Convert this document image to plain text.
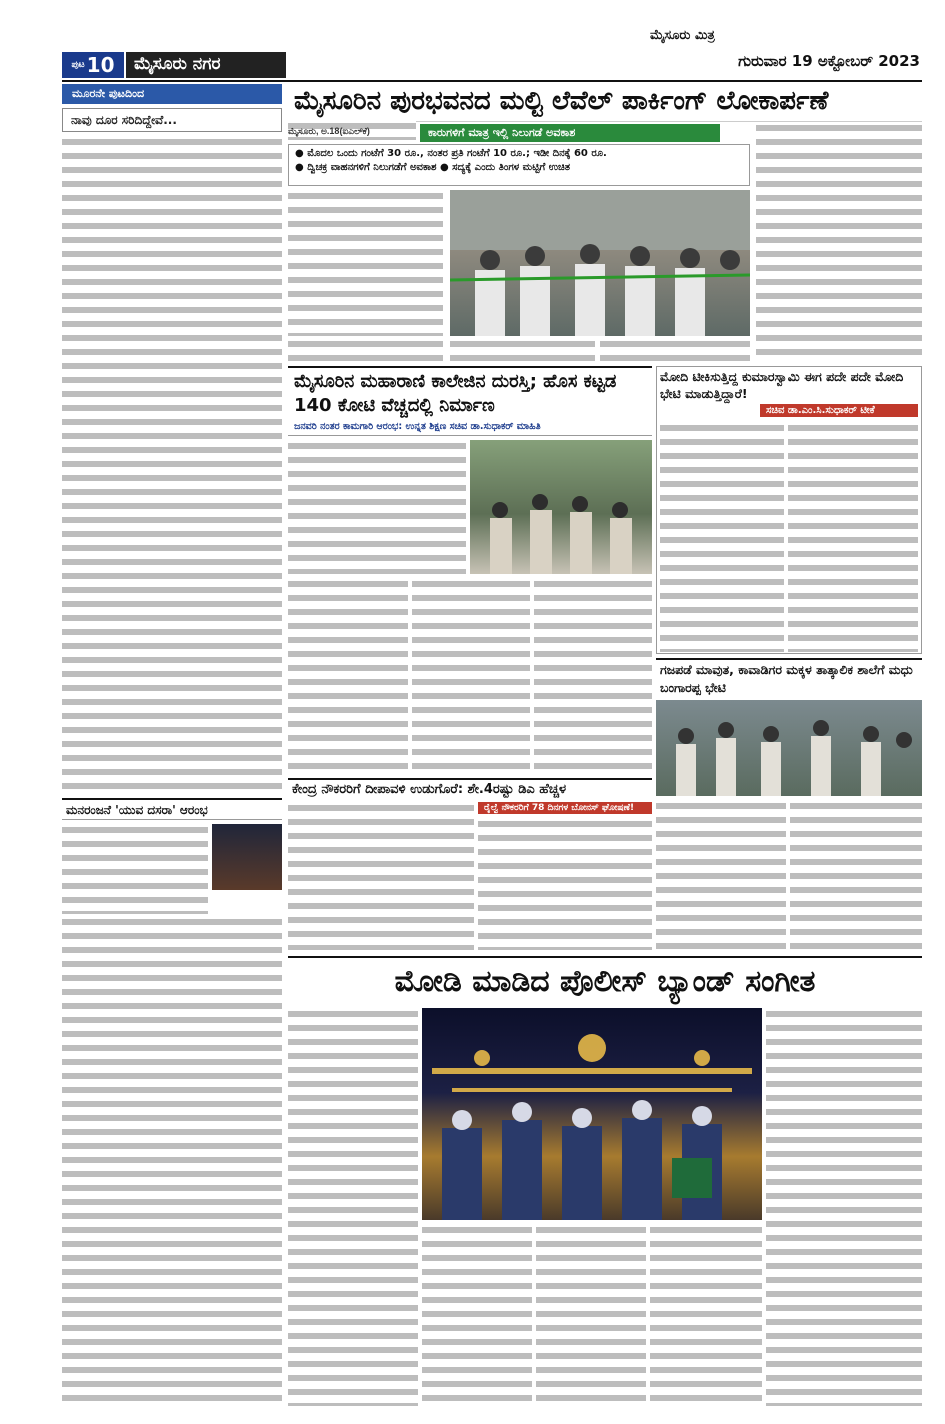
ಪುಟ 10	ಮೈಸೂರು ನಗರ
ಮೈಸೂರು ಮಿತ್ರ
ಗುರುವಾರ 19 ಅಕ್ಟೋಬರ್ 2023
ಮೂರನೇ ಪುಟದಿಂದ
ನಾವು ದೂರ ಸರಿದಿದ್ದೇವೆ...
ಮನರಂಜನೆ 'ಯುವ ದಸರಾ' ಆರಂಭ
ಮೈಸೂರಿನ ಪುರಭವನದ ಮಲ್ಟಿ ಲೆವೆಲ್ ಪಾರ್ಕಿಂಗ್ ಲೋಕಾರ್ಪಣೆ
ಕಾರುಗಳಿಗೆ ಮಾತ್ರ ಇಲ್ಲಿ ನಿಲುಗಡೆ ಅವಕಾಶ
● ಮೊದಲ ಒಂದು ಗಂಟೆಗೆ 30 ರೂ., ನಂತರ ಪ್ರತಿ ಗಂಟೆಗೆ 10 ರೂ.; ಇಡೀ ದಿನಕ್ಕೆ 60 ರೂ.
● ದ್ವಿಚಕ್ರ ವಾಹನಗಳಿಗೆ ನಿಲುಗಡೆಗೆ ಅವಕಾಶ ● ಸದ್ಯಕ್ಕೆ ಎಂದು ತಿಂಗಳ ಮಟ್ಟಿಗೆ ಉಚಿತ
ಮೈಸೂರು, ಅ.18(ಐಎಲ್‍ಕೆ)
ಮೈಸೂರಿನ ಮಹಾರಾಣಿ ಕಾಲೇಜಿನ ದುರಸ್ತಿ; ಹೊಸ ಕಟ್ಟಡ 140 ಕೋಟಿ ವೆಚ್ಚದಲ್ಲಿ ನಿರ್ಮಾಣ
ಜನವರಿ ನಂತರ ಕಾಮಗಾರಿ ಆರಂಭ: ಉನ್ನತ ಶಿಕ್ಷಣ ಸಚಿವ ಡಾ.ಸುಧಾಕರ್ ಮಾಹಿತಿ
ಮೋದಿ ಟೀಕಿಸುತ್ತಿದ್ದ ಕುಮಾರಸ್ವಾಮಿ ಈಗ ಪದೇ ಪದೇ ಮೋದಿ ಭೇಟಿ ಮಾಡುತ್ತಿದ್ದಾರೆ!
ಸಚಿವ ಡಾ.ಎಂ.ಸಿ.ಸುಧಾಕರ್ ಟೀಕೆ
ಗಜಪಡೆ ಮಾವುತ, ಕಾವಾಡಿಗರ ಮಕ್ಕಳ ತಾತ್ಕಾಲಿಕ ಶಾಲೆಗೆ ಮಧು ಬಂಗಾರಪ್ಪ ಭೇಟಿ
ಕೇಂದ್ರ ನೌಕರರಿಗೆ ದೀಪಾವಳಿ ಉಡುಗೊರೆ: ಶೇ.4ರಷ್ಟು ಡಿಎ ಹೆಚ್ಚಳ
ರೈಲ್ವೆ ನೌಕರರಿಗೆ 78 ದಿನಗಳ ಬೋನಸ್ ಘೋಷಣೆ!
ಮೋಡಿ ಮಾಡಿದ ಪೊಲೀಸ್ ಬ್ಯಾಂಡ್ ಸಂಗೀತ
